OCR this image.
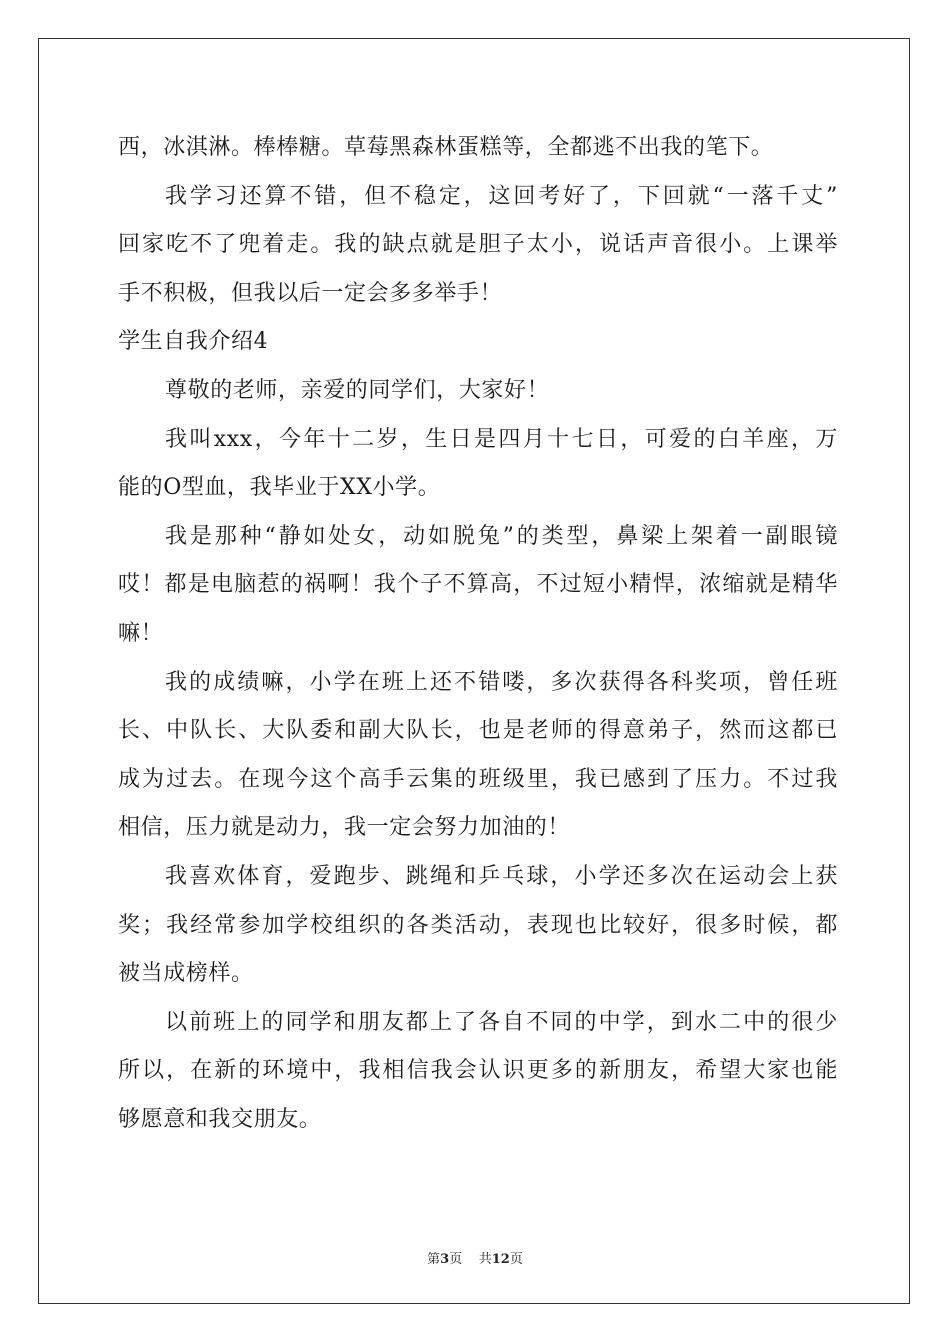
西，冰淇淋。棒棒糖。草莓黑森林蛋糕等，全都逃不出我的笔下。
我学习还算不错，但不稳定，这回考好了，下回就“一落千丈”
回家吃不了兜着走。我的缺点就是胆子太小，说话声音很小。上课举
手不积极，但我以后一定会多多举手！
学生自我介绍4
尊敬的老师，亲爱的同学们，大家好！
我叫xxx，今年十二岁，生日是四月十七日，可爱的白羊座，万
能的O型血，我毕业于XX小学。
我是那种“静如处女，动如脱兔”的类型，鼻梁上架着一副眼镜
哎！都是电脑惹的祸啊！我个子不算高，不过短小精悍，浓缩就是精华
嘛！
我的成绩嘛，小学在班上还不错喽，多次获得各科奖项，曾任班
长、中队长、大队委和副大队长，也是老师的得意弟子，然而这都已
成为过去。在现今这个高手云集的班级里，我已感到了压力。不过我
相信，压力就是动力，我一定会努力加油的！
我喜欢体育，爱跑步、跳绳和乒乓球，小学还多次在运动会上获
奖；我经常参加学校组织的各类活动，表现也比较好，很多时候，都
被当成榜样。
以前班上的同学和朋友都上了各自不同的中学，到水二中的很少
所以，在新的环境中，我相信我会认识更多的新朋友，希望大家也能
够愿意和我交朋友。
第3页 共12页
